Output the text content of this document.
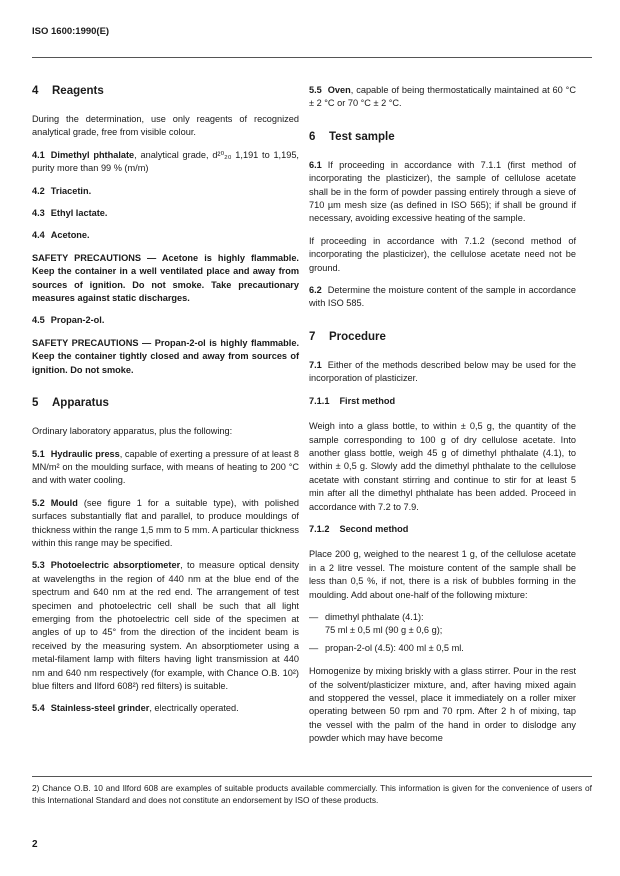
ISO 1600:1990(E)
4 Reagents

During the determination, use only reagents of recognized analytical grade, free from visible colour.

4.1 Dimethyl phthalate, analytical grade, d²⁰₂₀ 1,191 to 1,195, purity more than 99 % (m/m)

4.2 Triacetin.

4.3 Ethyl lactate.

4.4 Acetone.

SAFETY PRECAUTIONS — Acetone is highly flammable. Keep the container in a well ventilated place and away from sources of ignition. Do not smoke. Take precautionary measures against static discharges.

4.5 Propan-2-ol.

SAFETY PRECAUTIONS — Propan-2-ol is highly flammable. Keep the container tightly closed and away from sources of ignition. Do not smoke.

5 Apparatus

Ordinary laboratory apparatus, plus the following:

5.1 Hydraulic press, capable of exerting a pressure of at least 8 MN/m² on the moulding surface, with means of heating to 200 °C and with water cooling.

5.2 Mould (see figure 1 for a suitable type), with polished surfaces substantially flat and parallel, to produce mouldings of thickness within the range 1,5 mm to 5 mm. A particular thickness within this range may be specified.

5.3 Photoelectric absorptiometer, to measure optical density at wavelengths in the region of 440 nm at the blue end of the spectrum and 640 nm at the red end. The arrangement of test specimen and photoelectric cell shall be such that all light emerging from the photoelectric cell side of the specimen at angles of up to 45° from the direction of the incident beam is received by the measuring system. An absorptiometer using a metal-filament lamp with filters having light transmission at 440 nm and 640 nm respectively (for example, with Chance O.B. 10²) blue filters and Ilford 608²) red filters) is suitable.

5.4 Stainless-steel grinder, electrically operated.

5.5 Oven, capable of being thermostatically maintained at 60 °C ± 2 °C or 70 °C ± 2 °C.

6 Test sample

6.1 If proceeding in accordance with 7.1.1 (first method of incorporating the plasticizer), the sample of cellulose acetate shall be in the form of powder passing entirely through a sieve of 710 µm mesh size (as defined in ISO 565); if shall be ground if necessary, avoiding excessive heating of the sample.

If proceeding in accordance with 7.1.2 (second method of incorporating the plasticizer), the cellulose acetate need not be ground.

6.2 Determine the moisture content of the sample in accordance with ISO 585.

7 Procedure

7.1 Either of the methods described below may be used for the incorporation of plasticizer.

7.1.1 First method

Weigh into a glass bottle, to within ± 0,5 g, the quantity of the sample corresponding to 100 g of dry cellulose acetate. Into another glass bottle, weigh 45 g of dimethyl phthalate (4.1), to within ± 0,5 g. Slowly add the dimethyl phthalate to the cellulose acetate with constant stirring and continue to stir for at least 5 min after all the dimethyl phthalate has been added. Proceed in accordance with 7.2 to 7.9.

7.1.2 Second method

Place 200 g, weighed to the nearest 1 g, of the cellulose acetate in a 2 litre vessel. The moisture content of the sample shall be less than 0,5 %, if not, there is a risk of bubbles forming in the moulding. Add about one-half of the following mixture:

— dimethyl phthalate (4.1):
75 ml ± 0,5 ml (90 g ± 0,6 g);
— propan-2-ol (4.5): 400 ml ± 0,5 ml.

Homogenize by mixing briskly with a glass stirrer. Pour in the rest of the solvent/plasticizer mixture, and, after having mixed again and stoppered the vessel, place it immediately on a roller mixer operating between 50 rpm and 70 rpm. After 2 h of mixing, tap the vessel with the palm of the hand in order to dislodge any powder which may have become

2) Chance O.B. 10 and Ilford 608 are examples of suitable products available commercially. This information is given for the convenience of users of this International Standard and does not constitute an endorsement by ISO of these products.
2
